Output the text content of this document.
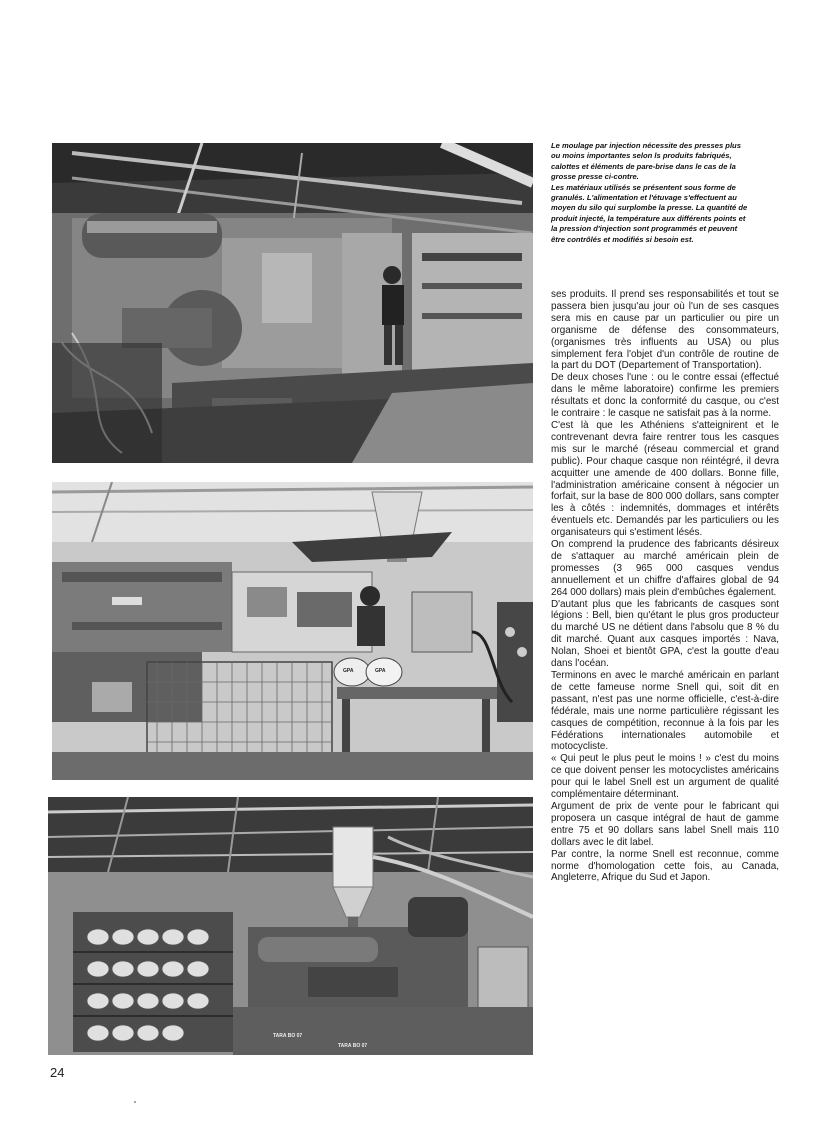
GPA	GPA
TARA BO 07
TARA BO 07

Le moulage par injection nécessite des presses plus ou moins importantes selon ls produits fabriqués, calottes et éléments de pare-brise dans le cas de la grosse presse ci-contre.

Les matériaux utilisés se présentent sous forme de granulés. L'alimentation et l'étuvage s'effectuent au moyen du silo qui surplombe la presse. La quantité de produit injecté, la température aux différents points et la pression d'injection sont programmés et peuvent être contrôlés et modifiés si besoin est.

ses produits. Il prend ses responsabilités et tout se passera bien jusqu'au jour où l'un de ses casques sera mis en cause par un particulier ou pire un organisme de défense des consommateurs, (organismes très influents au USA) ou plus simplement fera l'objet d'un contrôle de routine de la part du DOT (Departement of Transportation).

De deux choses l'une : ou le contre essai (effectué dans le même laboratoire) confirme les premiers résultats et donc la conformité du casque, ou c'est le contraire : le casque ne satisfait pas à la norme.

C'est là que les Athéniens s'atteignirent et le contrevenant devra faire rentrer tous les casques mis sur le marché (réseau commercial et grand public). Pour chaque casque non réintégré, il devra acquitter une amende de 400 dollars. Bonne fille, l'administration américaine consent à négocier un forfait, sur la base de 800 000 dollars, sans compter les à côtés : indemnités, dommages et intérêts éventuels etc. Demandés par les particuliers ou les organisateurs qui s'estiment lésés.

On comprend la prudence des fabricants désireux de s'attaquer au marché américain plein de promesses (3 965 000 casques vendus annuellement et un chiffre d'affaires global de 94 264 000 dollars) mais plein d'embûches également.

D'autant plus que les fabricants de casques sont légions : Bell, bien qu'étant le plus gros producteur du marché US ne détient dans l'absolu que 8 % du dit marché. Quant aux casques importés : Nava, Nolan, Shoei et bientôt GPA, c'est la goutte d'eau dans l'océan.

Terminons en avec le marché américain en parlant de cette fameuse norme Snell qui, soit dit en passant, n'est pas une norme officielle, c'est-à-dire fédérale, mais une norme particulière régissant les casques de compétition, reconnue à la fois par les Fédérations internationales automobile et motocycliste.

« Qui peut le plus peut le moins ! » c'est du moins ce que doivent penser les motocyclistes américains pour qui le label Snell est un argument de qualité complémentaire déterminant.

Argument de prix de vente pour le fabricant qui proposera un casque intégral de haut de gamme entre 75 et 90 dollars sans label Snell mais 110 dollars avec le dit label.

Par contre, la norme Snell est reconnue, comme norme d'homologation cette fois, au Canada, Angleterre, Afrique du Sud et Japon.

24
